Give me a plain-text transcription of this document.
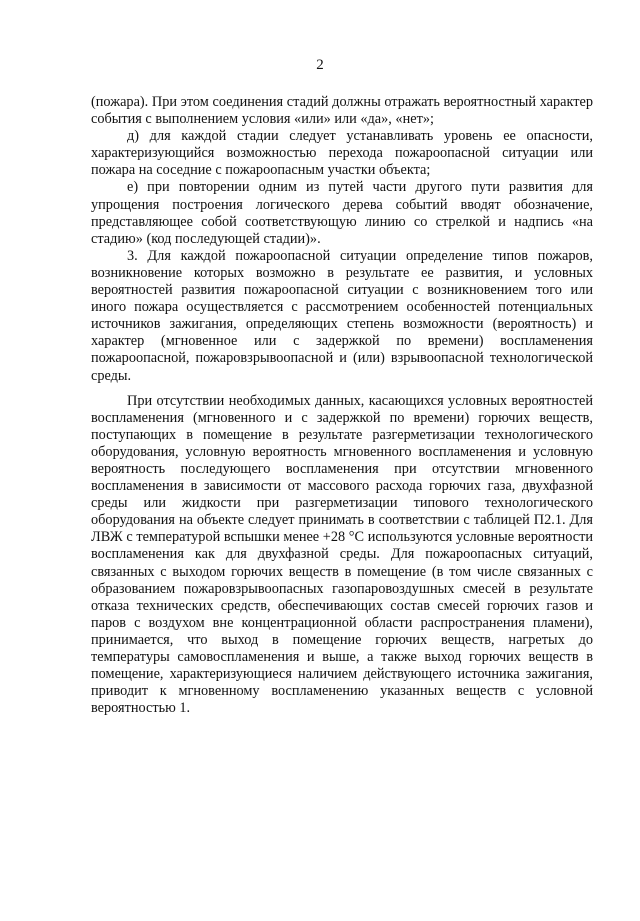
2

(пожара). При этом соединения стадий должны отражать вероятностный характер события с выполнением условия «или» или «да», «нет»;

д) для каждой стадии следует устанавливать уровень ее опасности, характеризующийся возможностью перехода пожароопасной ситуации или пожара на соседние с пожароопасным участки объекта;

е) при повторении одним из путей части другого пути развития для упрощения построения логического дерева событий вводят обозначение, представляющее собой соответствующую линию со стрелкой и надпись «на стадию» (код последующей стадии)».

3. Для каждой пожароопасной ситуации определение типов пожаров, возникновение которых возможно в результате ее развития, и условных вероятностей развития пожароопасной ситуации с возникновением того или иного пожара осуществляется с рассмотрением особенностей потенциальных источников зажигания, определяющих степень возможности (вероятность) и характер (мгновенное или с задержкой по времени) воспламенения пожароопасной, пожаровзрывоопасной и (или) взрывоопасной технологической среды.

При отсутствии необходимых данных, касающихся условных вероятностей воспламенения (мгновенного и с задержкой по времени) горючих веществ, поступающих в помещение в результате разгерметизации технологического оборудования, условную вероятность мгновенного воспламенения и условную вероятность последующего воспламенения при отсутствии мгновенного воспламенения в зависимости от массового расхода горючих газа, двухфазной среды или жидкости при разгерметизации типового технологического оборудования на объекте следует принимать в соответствии с таблицей П2.1. Для ЛВЖ с температурой вспышки менее +28 °С используются условные вероятности воспламенения как для двухфазной среды. Для пожароопасных ситуаций, связанных с выходом горючих веществ в помещение (в том числе связанных с образованием пожаровзрывоопасных газопаровоздушных смесей в результате отказа технических средств, обеспечивающих состав смесей горючих газов и паров с воздухом вне концентрационной области распространения пламени), принимается, что выход в помещение горючих веществ, нагретых до температуры самовоспламенения и выше, а также выход горючих веществ в помещение, характеризующиеся наличием действующего источника зажигания, приводит к мгновенному воспламенению указанных веществ с условной вероятностью 1.
